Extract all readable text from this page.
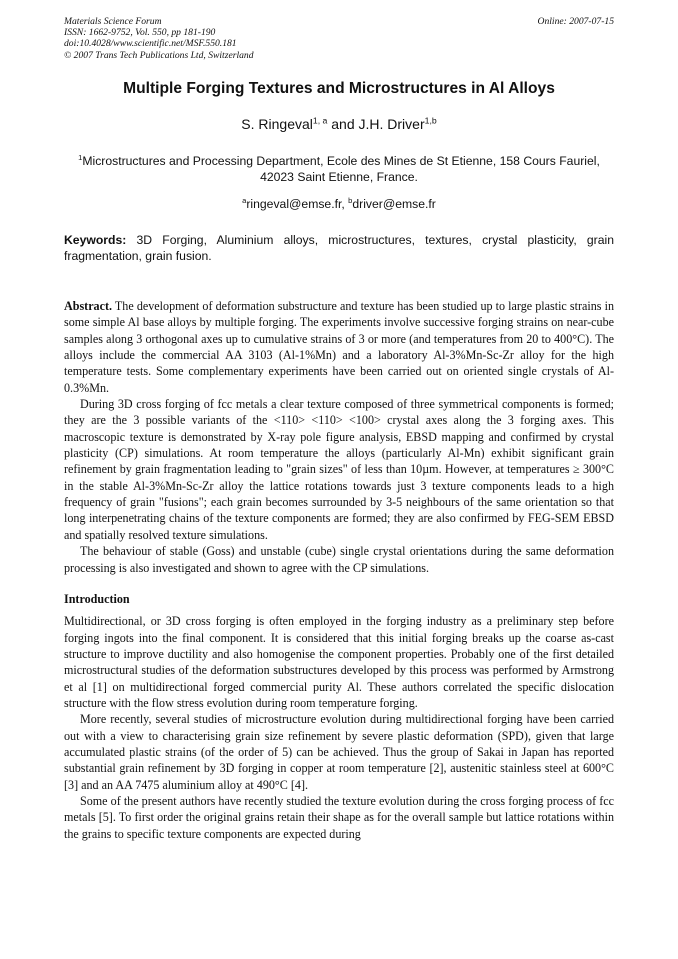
Materials Science Forum
ISSN: 1662-9752, Vol. 550, pp 181-190
doi:10.4028/www.scientific.net/MSF.550.181
© 2007 Trans Tech Publications Ltd, Switzerland
Online: 2007-07-15
Multiple Forging Textures and Microstructures in Al Alloys
S. Ringeval$^{1, a}$ and J.H. Driver$^{1,b}$
$^1$Microstructures and Processing Department, Ecole des Mines de St Etienne, 158 Cours Fauriel, 42023 Saint Etienne, France.
$^a$ringeval@emse.fr, $^b$driver@emse.fr
Keywords: 3D Forging, Aluminium alloys, microstructures, textures, crystal plasticity, grain fragmentation, grain fusion.

Abstract. The development of deformation substructure and texture has been studied up to large plastic strains in some simple Al base alloys by multiple forging. The experiments involve successive forging strains on near-cube samples along 3 orthogonal axes up to cumulative strains of 3 or more (and temperatures from 20 to 400°C). The alloys include the commercial AA 3103 (Al-1%Mn) and a laboratory Al-3%Mn-Sc-Zr alloy for the high temperature tests. Some complementary experiments have been carried out on oriented single crystals of Al-0.3%Mn.

During 3D cross forging of fcc metals a clear texture composed of three symmetrical components is formed; they are the 3 possible variants of the <110> <110> <100> crystal axes along the 3 forging axes. This macroscopic texture is demonstrated by X-ray pole figure analysis, EBSD mapping and confirmed by crystal plasticity (CP) simulations. At room temperature the alloys (particularly Al-Mn) exhibit significant grain refinement by grain fragmentation leading to "grain sizes" of less than 10µm. However, at temperatures ≥ 300°C in the stable Al-3%Mn-Sc-Zr alloy the lattice rotations towards just 3 texture components leads to a high frequency of grain "fusions"; each grain becomes surrounded by 3-5 neighbours of the same orientation so that long interpenetrating chains of the texture components are formed; they are also confirmed by FEG-SEM EBSD and spatially resolved texture simulations.

The behaviour of stable (Goss) and unstable (cube) single crystal orientations during the same deformation processing is also investigated and shown to agree with the CP simulations.

Introduction

Multidirectional, or 3D cross forging is often employed in the forging industry as a preliminary step before forging ingots into the final component. It is considered that this initial forging breaks up the coarse as-cast structure to improve ductility and also homogenise the component properties. Probably one of the first detailed microstructural studies of the deformation substructures developed by this process was performed by Armstrong et al [1] on multidirectional forged commercial purity Al. These authors correlated the specific dislocation structure with the flow stress evolution during room temperature forging.

More recently, several studies of microstructure evolution during multidirectional forging have been carried out with a view to characterising grain size refinement by severe plastic deformation (SPD), given that large accumulated plastic strains (of the order of 5) can be achieved. Thus the group of Sakai in Japan has reported substantial grain refinement by 3D forging in copper at room temperature [2], austenitic stainless steel at 600°C [3] and an AA 7475 aluminium alloy at 490°C [4].

Some of the present authors have recently studied the texture evolution during the cross forging process of fcc metals [5]. To first order the original grains retain their shape as for the overall sample but lattice rotations within the grains to specific texture components are expected during
